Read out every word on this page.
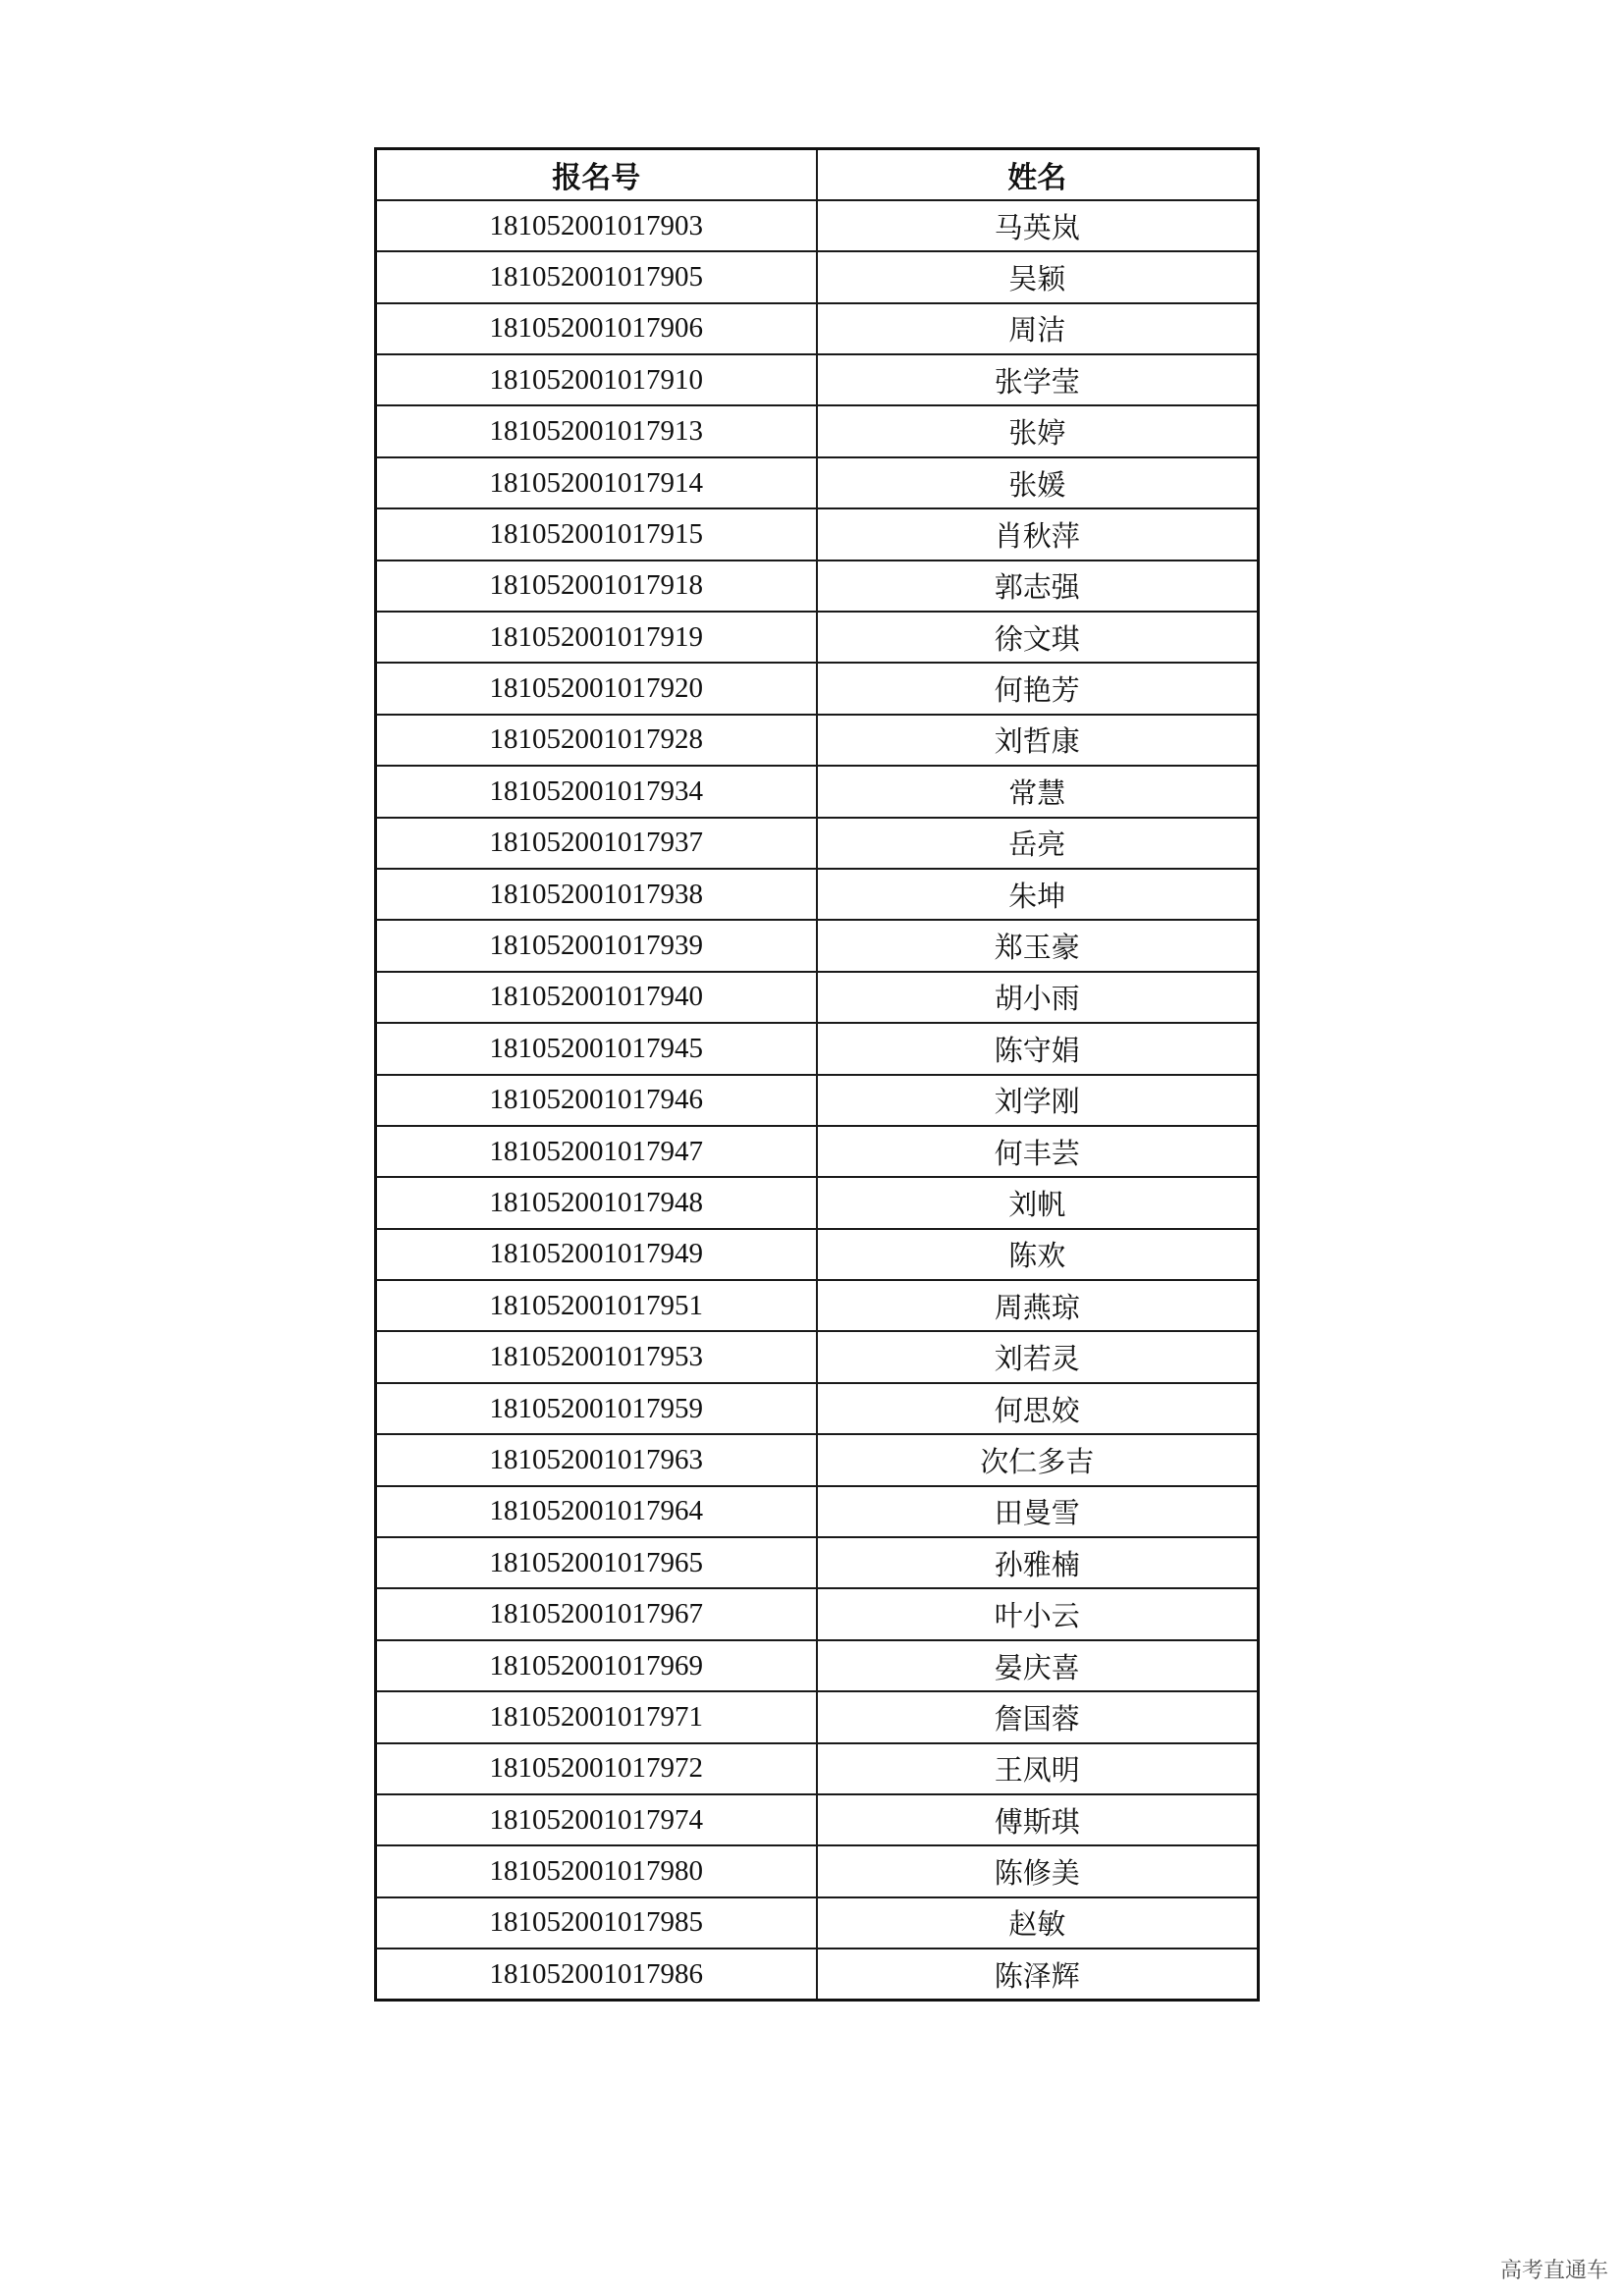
报名号	姓名
181052001017903	马英岚
181052001017905	吴颖
181052001017906	周洁
181052001017910	张学莹
181052001017913	张婷
181052001017914	张媛
181052001017915	肖秋萍
181052001017918	郭志强
181052001017919	徐文琪
181052001017920	何艳芳
181052001017928	刘哲康
181052001017934	常慧
181052001017937	岳亮
181052001017938	朱坤
181052001017939	郑玉豪
181052001017940	胡小雨
181052001017945	陈守娟
181052001017946	刘学刚
181052001017947	何丰芸
181052001017948	刘帆
181052001017949	陈欢
181052001017951	周燕琼
181052001017953	刘若灵
181052001017959	何思姣
181052001017963	次仁多吉
181052001017964	田曼雪
181052001017965	孙雅楠
181052001017967	叶小云
181052001017969	晏庆喜
181052001017971	詹国蓉
181052001017972	王凤明
181052001017974	傅斯琪
181052001017980	陈修美
181052001017985	赵敏
181052001017986	陈泽辉
高考直通车
